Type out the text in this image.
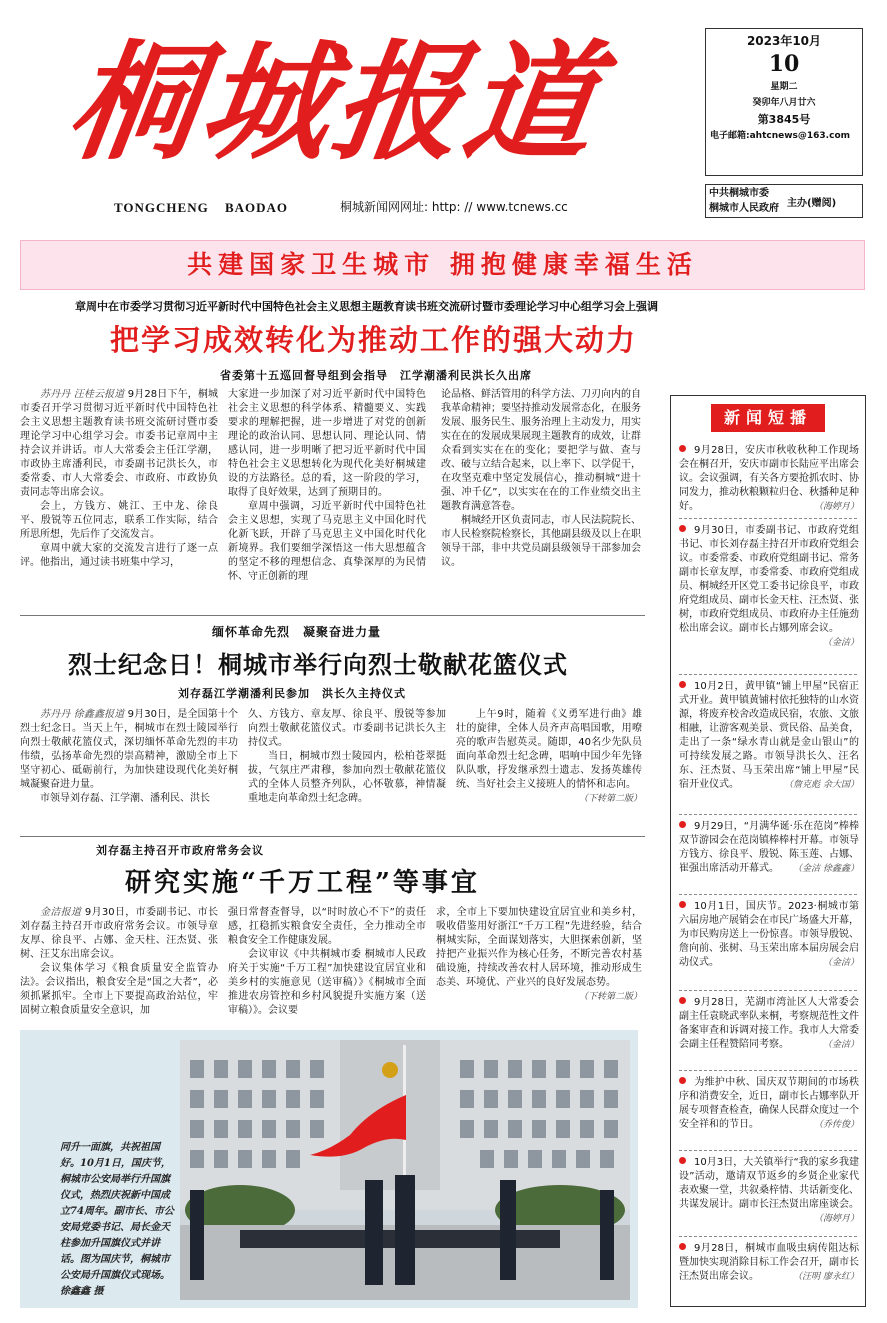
桐城报道
TONGCHENG BAODAO	桐城新闻网网址: http: // www.tcnews.cc
2023年10月
10
星期二
癸卯年八月廿六
第3845号
电子邮箱:ahtcnews@163.com
中共桐城市委
桐城市人民政府 主办(赠阅)
共建国家卫生城市 拥抱健康幸福生活
章周中在市委学习贯彻习近平新时代中国特色社会主义思想主题教育读书班交流研讨暨市委理论学习中心组学习会上强调
把学习成效转化为推动工作的强大动力
省委第十五巡回督导组到会指导　江学潮潘利民洪长久出席

苏丹丹 汪桂云报道 9月28日下午，桐城市委召开学习贯彻习近平新时代中国特色社会主义思想主题教育读书班交流研讨暨市委理论学习中心组学习会。市委书记章周中主持会议并讲话。市人大常委会主任江学潮，市政协主席潘利民，市委副书记洪长久，市委常委、市人大常委会、市政府、市政协负责同志等出席会议。

会上，方钱方、姚江、王中龙、徐良平、殷锐等五位同志，联系工作实际，结合所思所想，先后作了交流发言。

章周中就大家的交流发言进行了逐一点评。他指出，通过读书班集中学习，

大家进一步加深了对习近平新时代中国特色社会主义思想的科学体系、精髓要义、实践要求的理解把握，进一步增进了对党的创新理论的政治认同、思想认同、理论认同、情感认同，进一步明晰了把习近平新时代中国特色社会主义思想转化为现代化美好桐城建设的方法路径。总的看，这一阶段的学习，取得了良好效果，达到了预期目的。

章周中强调，习近平新时代中国特色社会主义思想，实现了马克思主义中国化时代化新飞跃，开辟了马克思主义中国化时代化新境界。我们要细学深悟这一伟大思想蕴含的坚定不移的理想信念、真挚深厚的为民情怀、守正创新的理

论品格、鲜活管用的科学方法、刀刃向内的自我革命精神；要坚持推动发展常态化，在服务发展、服务民生、服务治理上主动发力，用实实在在的发展成果展现主题教育的成效，让群众看到实实在在的变化；要把学与做、查与改、破与立结合起来，以上率下、以学促干，在攻坚克难中坚定发展信心，推动桐城“进十强、冲千亿”，以实实在在的工作业绩交出主题教育满意答卷。

桐城经开区负责同志，市人民法院院长、市人民检察院检察长，其他副县级及以上在职领导干部，非中共党员副县级领导干部参加会议。

缅怀革命先烈　凝聚奋进力量
烈士纪念日！桐城市举行向烈士敬献花篮仪式
刘存磊江学潮潘利民参加　洪长久主持仪式

苏丹丹 徐鑫鑫报道 9月30日，是全国第十个烈士纪念日。当天上午，桐城市在烈士陵园举行向烈士敬献花篮仪式，深切缅怀革命先烈的丰功伟绩，弘扬革命先烈的崇高精神，激励全市上下坚守初心、砥砺前行，为加快建设现代化美好桐城凝聚奋进力量。

市领导刘存磊、江学潮、潘利民、洪长

久、方钱方、章友厚、徐良平、殷锐等参加向烈士敬献花篮仪式。市委副书记洪长久主持仪式。

当日，桐城市烈士陵园内，松柏苍翠挺拔，气氛庄严肃穆，参加向烈士敬献花篮仪式的全体人员整齐列队，心怀敬慕，神情凝重地走向革命烈士纪念碑。

上午9时，随着《义勇军进行曲》雄壮的旋律，全体人员齐声高唱国歌，用嘹亮的歌声告慰英灵。随即，40名少先队员面向革命烈士纪念碑，唱响中国少年先锋队队歌，抒发继承烈士遗志、发扬英雄传统、当好社会主义接班人的情怀和志向。

（下转第二版）
刘存磊主持召开市政府常务会议
研究实施“千万工程”等事宜

金洁报道 9月30日，市委副书记、市长刘存磊主持召开市政府常务会议。市领导章友厚、徐良平、占娜、金天柱、汪杰贤、张树、汪艾东出席会议。

会议集体学习《粮食质量安全监管办法》。会议指出，粮食安全是“国之大者”，必须抓紧抓牢。全市上下要提高政治站位，牢固树立粮食质量安全意识，加

强日常督查督导，以“时时放心不下”的责任感，扛稳抓实粮食安全责任，全力推动全市粮食安全工作健康发展。

会议审议《中共桐城市委 桐城市人民政府关于实施“千万工程”加快建设宜居宜业和美乡村的实施意见（送审稿）》《桐城市全面推进农房管控和乡村风貌提升实施方案（送审稿）》。会议要

求，全市上下要加快建设宜居宜业和美乡村，吸收借鉴用好浙江“千万工程”先进经验，结合桐城实际，全面谋划落实，大胆探索创新，坚持把产业振兴作为核心任务，不断完善农村基础设施，持续改善农村人居环境，推动形成生态美、环境优、产业兴的良好发展态势。

（下转第二版）
同升一面旗，共祝祖国好。10月1日，国庆节，桐城市公安局举行升国旗仪式，热烈庆祝新中国成立74周年。副市长、市公安局党委书记、局长金天柱参加升国旗仪式并讲话。图为国庆节，桐城市公安局升国旗仪式现场。 徐鑫鑫 摄
新闻短播
9月28日，安庆市秋收秋种工作现场会在桐召开，安庆市副市长陆应平出席会议。会议强调，有关各方要抢抓农时、协同发力，推动秋粮颗粒归仓、秋播种足种好。	（海婷月）
9月30日，市委副书记、市政府党组书记、市长刘存磊主持召开市政府党组会议。市委常委、市政府党组副书记、常务副市长章友厚，市委常委、市政府党组成员、桐城经开区党工委书记徐良平，市政府党组成员、副市长金天柱、汪杰贤、张树，市政府党组成员、市政府办主任施劲松出席会议。副市长占娜列席会议。
（金洁）
10月2日，黄甲镇“铺上甲屋”民宿正式开业。黄甲镇黄铺村依托独特的山水资源，将废弃校舍改造成民宿，农旅、文旅相融，让游客观美景、赏民俗、品美食，走出了一条“绿水青山就是金山银山”的可持续发展之路。市领导洪长久、汪名东、汪杰贤、马玉荣出席“铺上甲屋”民宿开业仪式。	（詹克彪 余大国）
9月29日，“月满华诞·乐在范岗”棒棒双节游园会在范岗镇棒棒村开幕。市领导方钱方、徐良平、殷锐、陈玉莲、占娜、崔强出席活动开幕式。 （金洁 徐鑫鑫）
10月1日，国庆节。2023·桐城市第六届房地产展销会在市民广场盛大开幕，为市民购房送上一份惊喜。市领导殷锐、詹向前、张树、马玉荣出席本届房展会启动仪式。	（金洁）
9月28日，芜湖市湾沚区人大常委会副主任袁晓武率队来桐，考察规范性文件备案审查和诉调对接工作。我市人大常委会副主任程赞陪同考察。	（金洁）
为维护中秋、国庆双节期间的市场秩序和消费安全，近日，副市长占娜率队开展专项督查检查，确保人民群众度过一个安全祥和的节日。	（乔传俊）
10月3日，大关镇举行“我的家乡我建设”活动，邀请双节返乡的乡贤企业家代表欢聚一堂，共叙桑梓情、共话新变化、共谋发展计。副市长汪杰贤出席座谈会。
（海婷月）
9月28日，桐城市血吸虫病传阻达标暨加快实现消除目标工作会召开，副市长汪杰贤出席会议。	（汪明 廖永红）
